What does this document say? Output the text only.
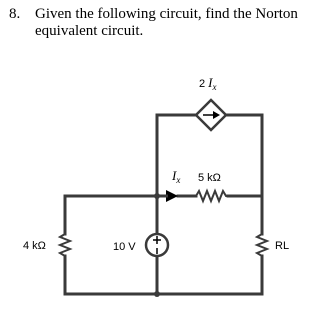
8. Given the following circuit, find the Norton equivalent circuit.
2 Ix
Ix 5 kΩ
4 kΩ	10 V	RL
